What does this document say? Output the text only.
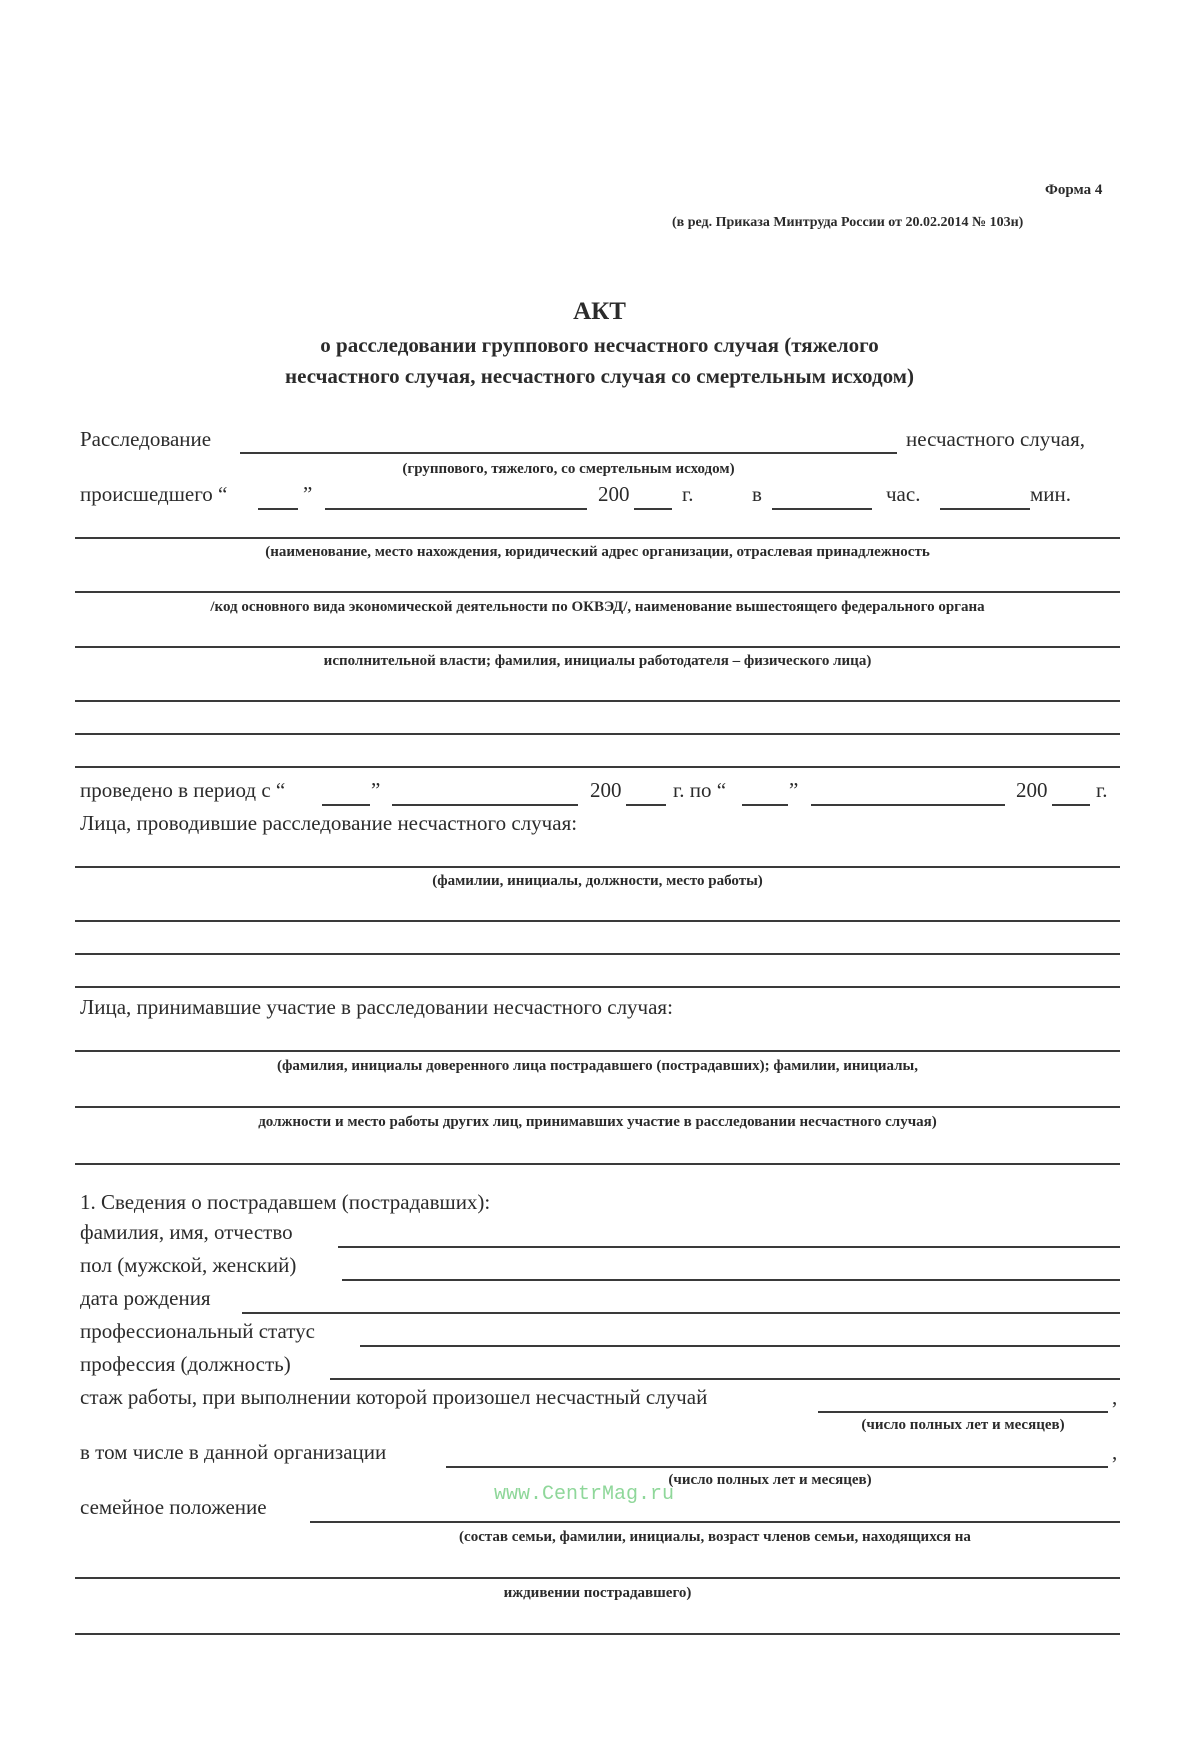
Форма 4
(в ред. Приказа Минтруда России от 20.02.2014 № 103н)
АКТ
о расследовании группового несчастного случая (тяжелого
несчастного случая, несчастного случая со смертельным исходом)
Расследование	несчастного случая,
(группового, тяжелого, со смертельным исходом)
происшедшего “	”	200	г.	в	час.	мин.
(наименование, место нахождения, юридический адрес организации, отраслевая принадлежность
/код основного вида экономической деятельности по ОКВЭД/, наименование вышестоящего федерального органа
исполнительной власти; фамилия, инициалы работодателя – физического лица)
проведено в период с “	”	200 г. по “	”	200 г.
Лица, проводившие расследование несчастного случая:
(фамилии, инициалы, должности, место работы)
Лица, принимавшие участие в расследовании несчастного случая:
(фамилия, инициалы доверенного лица пострадавшего (пострадавших); фамилии, инициалы,
должности и место работы других лиц, принимавших участие в расследовании несчастного случая)
1. Сведения о пострадавшем (пострадавших):
фамилия, имя, отчество
пол (мужской, женский)
дата рождения
профессиональный статус
профессия (должность)
стаж работы, при выполнении которой произошел несчастный случай	,
(число полных лет и месяцев)
в том числе в данной организации	,
(число полных лет и месяцев)
семейное положение
(состав семьи, фамилии, инициалы, возраст членов семьи, находящихся на
иждивении пострадавшего)
www.CentrMag.ru
